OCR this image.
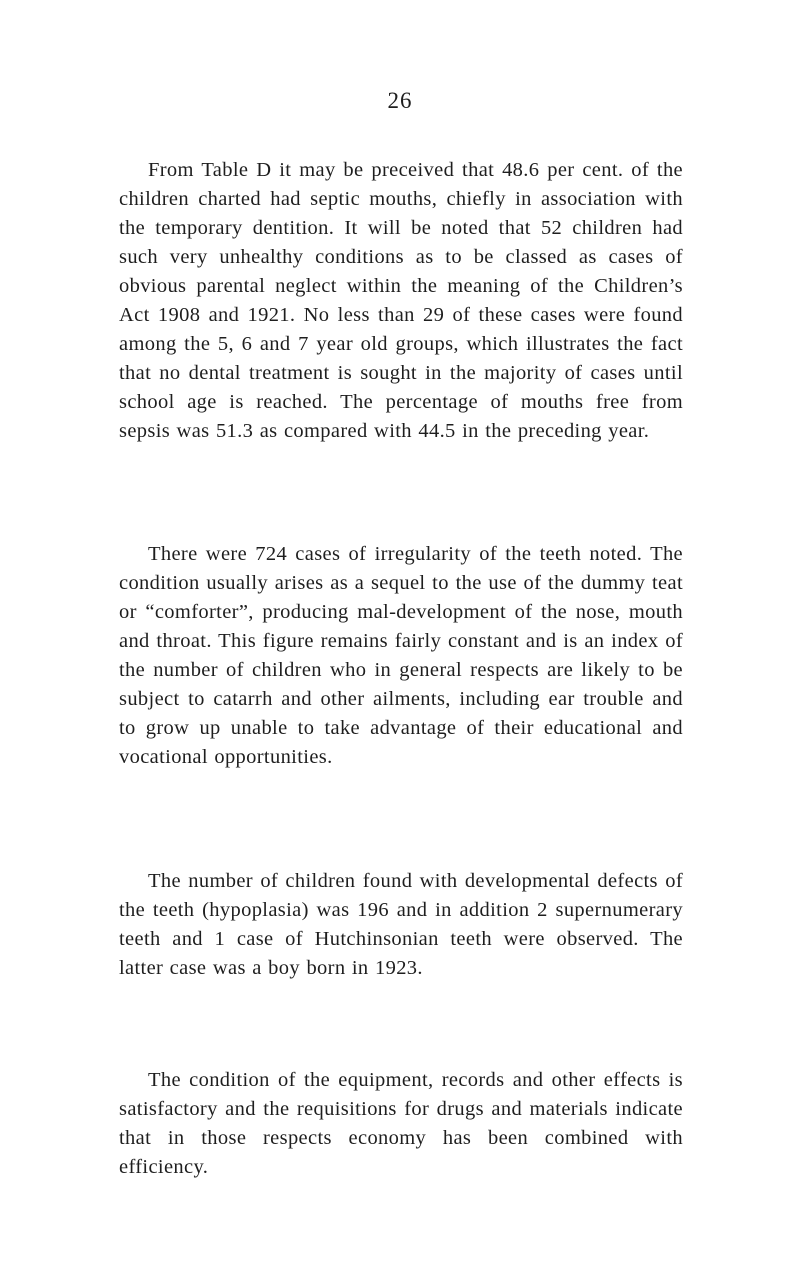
26

From Table D it may be preceived that 48.6 per cent. of the children charted had septic mouths, chiefly in association with the temporary dentition. It will be noted that 52 children had such very unhealthy conditions as to be classed as cases of obvious parental neglect within the meaning of the Children’s Act 1908 and 1921. No less than 29 of these cases were found among the 5, 6 and 7 year old groups, which illustrates the fact that no dental treatment is sought in the majority of cases until school age is reached. The percentage of mouths free from sepsis was 51.3 as compared with 44.5 in the preceding year.

There were 724 cases of irregularity of the teeth noted. The condition usually arises as a sequel to the use of the dummy teat or “comforter”, producing mal-development of the nose, mouth and throat. This figure remains fairly constant and is an index of the number of children who in general respects are likely to be subject to catarrh and other ailments, including ear trouble and to grow up unable to take advantage of their educational and vocational opportunities.

The number of children found with developmental defects of the teeth (hypoplasia) was 196 and in addition 2 supernumerary teeth and 1 case of Hutchinsonian teeth were observed. The latter case was a boy born in 1923.

The condition of the equipment, records and other effects is satisfactory and the requisitions for drugs and materials indicate that in those respects economy has been combined with efficiency.
